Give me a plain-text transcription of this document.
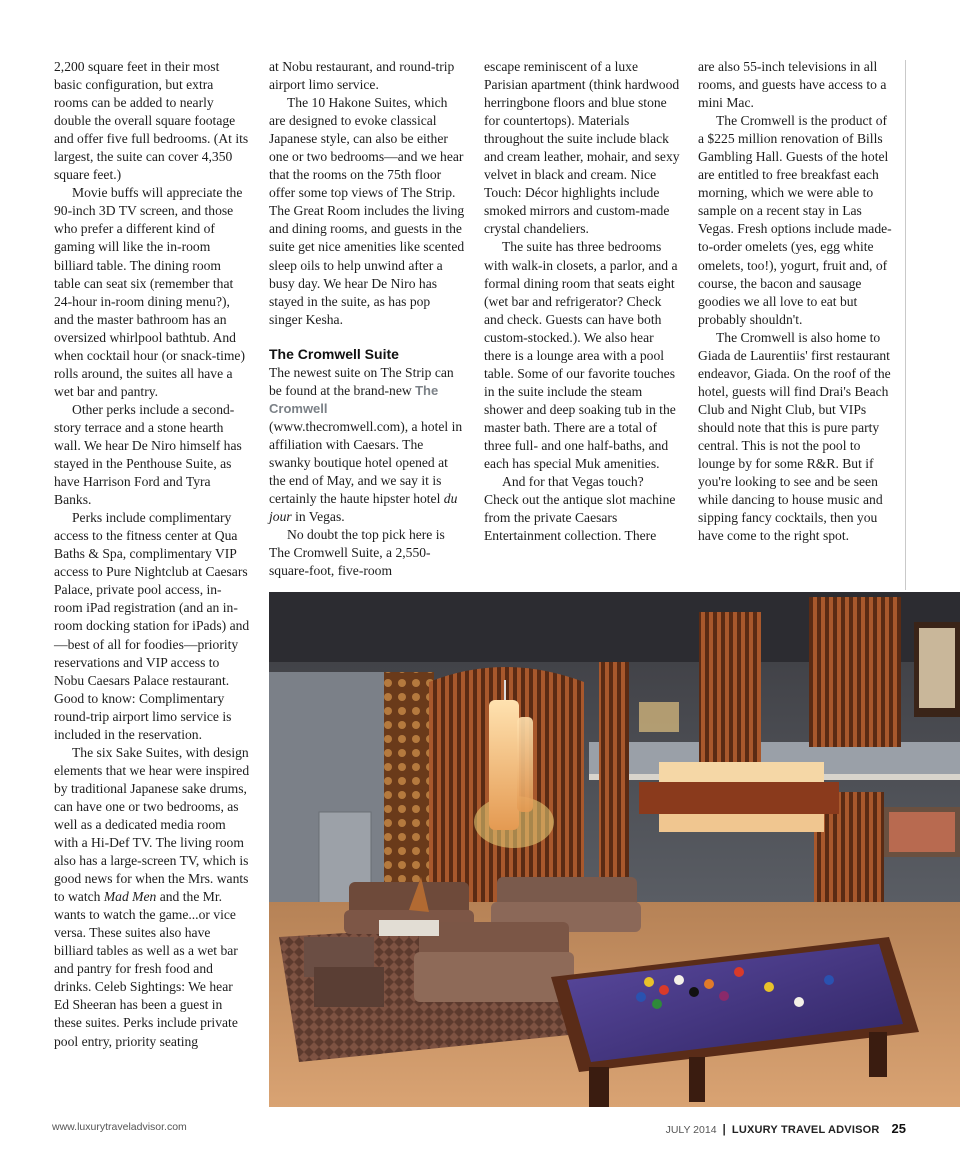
2,200 square feet in their most basic configuration, but extra rooms can be added to nearly double the overall square footage and offer five full bedrooms. (At its largest, the suite can cover 4,350 square feet.)

Movie buffs will appreciate the 90-inch 3D TV screen, and those who prefer a different kind of gaming will like the in-room billiard table. The dining room table can seat six (remember that 24-hour in-room dining menu?), and the master bathroom has an oversized whirlpool bathtub. And when cocktail hour (or snack-time) rolls around, the suites all have a wet bar and pantry.

Other perks include a second-story terrace and a stone hearth wall. We hear De Niro himself has stayed in the Penthouse Suite, as have Harrison Ford and Tyra Banks.

Perks include complimentary access to the fitness center at Qua Baths & Spa, complimentary VIP access to Pure Nightclub at Caesars Palace, private pool access, in-room iPad registration (and an in-room docking station for iPads) and—best of all for foodies—priority reservations and VIP access to Nobu Caesars Palace restaurant. Good to know: Complimentary round-trip airport limo service is included in the reservation.

The six Sake Suites, with design elements that we hear were inspired by traditional Japanese sake drums, can have one or two bedrooms, as well as a dedicated media room with a Hi-Def TV. The living room also has a large-screen TV, which is good news for when the Mrs. wants to watch Mad Men and the Mr. wants to watch the game...or vice versa. These suites also have billiard tables as well as a wet bar and pantry for fresh food and drinks. Celeb Sightings: We hear Ed Sheeran has been a guest in these suites. Perks include private pool entry, priority seating

at Nobu restaurant, and round-trip airport limo service.

The 10 Hakone Suites, which are designed to evoke classical Japanese style, can also be either one or two bedrooms—and we hear that the rooms on the 75th floor offer some top views of The Strip. The Great Room includes the living and dining rooms, and guests in the suite get nice amenities like scented sleep oils to help unwind after a busy day. We hear De Niro has stayed in the suite, as has pop singer Kesha.

The Cromwell Suite

The newest suite on The Strip can be found at the brand-new The Cromwell (www.thecromwell.com), a hotel in affiliation with Caesars. The swanky boutique hotel opened at the end of May, and we say it is certainly the haute hipster hotel du jour in Vegas.

No doubt the top pick here is The Cromwell Suite, a 2,550-square-foot, five-room

escape reminiscent of a luxe Parisian apartment (think hardwood herringbone floors and blue stone for countertops). Materials throughout the suite include black and cream leather, mohair, and sexy velvet in black and cream. Nice Touch: Décor highlights include smoked mirrors and custom-made crystal chandeliers.

The suite has three bedrooms with walk-in closets, a parlor, and a formal dining room that seats eight (wet bar and refrigerator? Check and check. Guests can have both custom-stocked.). We also hear there is a lounge area with a pool table. Some of our favorite touches in the suite include the steam shower and deep soaking tub in the master bath. There are a total of three full- and one half-baths, and each has special Muk amenities.

And for that Vegas touch? Check out the antique slot machine from the private Caesars Entertainment collection. There

are also 55-inch televisions in all rooms, and guests have access to a mini Mac.

The Cromwell is the product of a $225 million renovation of Bills Gambling Hall. Guests of the hotel are entitled to free breakfast each morning, which we were able to sample on a recent stay in Las Vegas. Fresh options include made-to-order omelets (yes, egg white omelets, too!), yogurt, fruit and, of course, the bacon and sausage goodies we all love to eat but probably shouldn't.

The Cromwell is also home to Giada de Laurentiis' first restaurant endeavor, Giada. On the roof of the hotel, guests will find Drai's Beach Club and Night Club, but VIPs should note that this is pure party central. This is not the pool to lounge by for some R&R. But if you're looking to see and be seen while dancing to house music and sipping fancy cocktails, then you have come to the right spot.

www.luxurytraveladvisor.com	JULY 2014 | LUXURY TRAVEL ADVISOR 25
